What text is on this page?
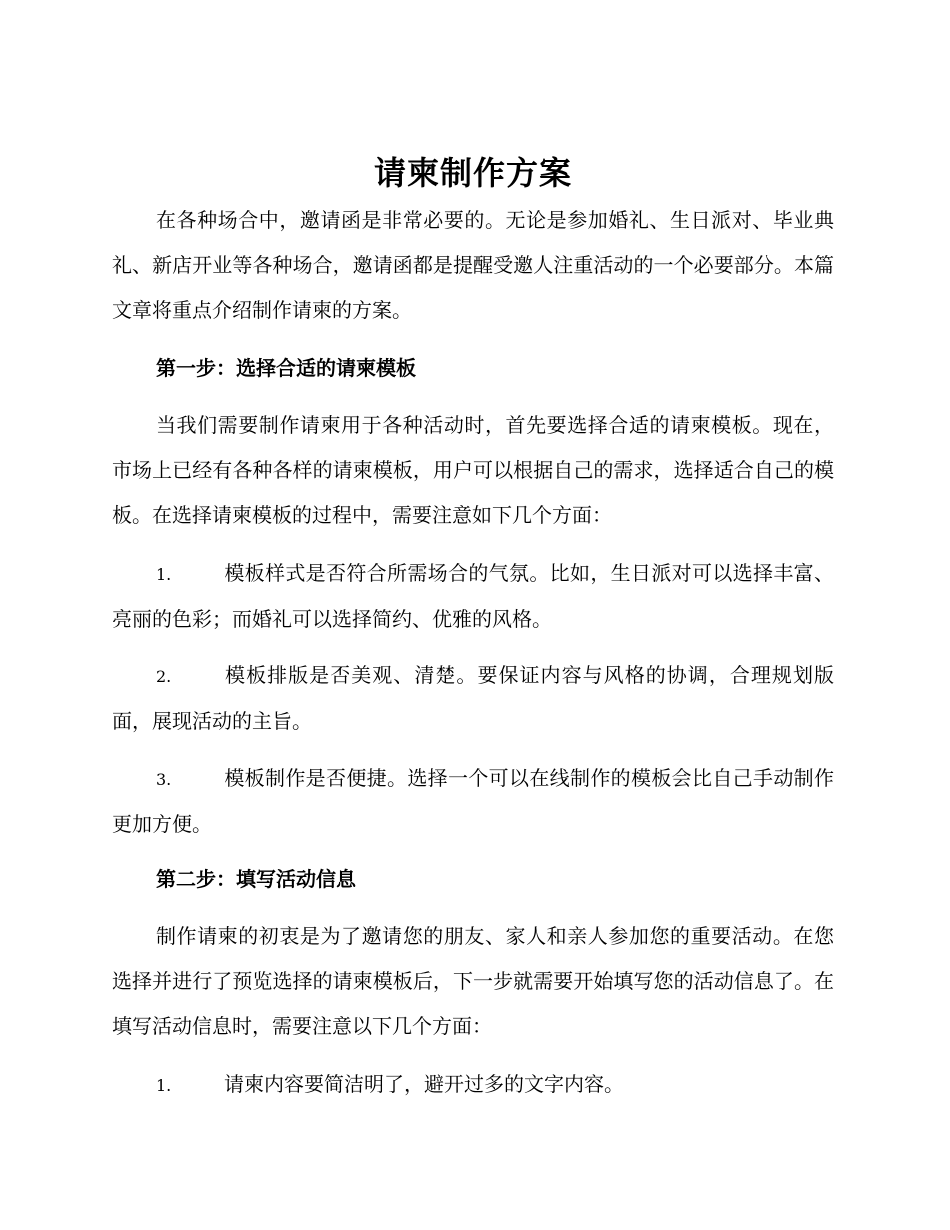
请柬制作方案
在各种场合中，邀请函是非常必要的。无论是参加婚礼、生日派对、毕业典礼、新店开业等各种场合，邀请函都是提醒受邀人注重活动的一个必要部分。本篇文章将重点介绍制作请柬的方案。
第一步：选择合适的请柬模板
当我们需要制作请柬用于各种活动时，首先要选择合适的请柬模板。现在，市场上已经有各种各样的请柬模板，用户可以根据自己的需求，选择适合自己的模板。在选择请柬模板的过程中，需要注意如下几个方面：
1.	模板样式是否符合所需场合的气氛。比如，生日派对可以选择丰富、亮丽的色彩；而婚礼可以选择简约、优雅的风格。
2.	模板排版是否美观、清楚。要保证内容与风格的协调，合理规划版面，展现活动的主旨。
3.	模板制作是否便捷。选择一个可以在线制作的模板会比自己手动制作更加方便。
第二步：填写活动信息
制作请柬的初衷是为了邀请您的朋友、家人和亲人参加您的重要活动。在您选择并进行了预览选择的请柬模板后，下一步就需要开始填写您的活动信息了。在填写活动信息时，需要注意以下几个方面：
1.	请柬内容要简洁明了，避开过多的文字内容。
